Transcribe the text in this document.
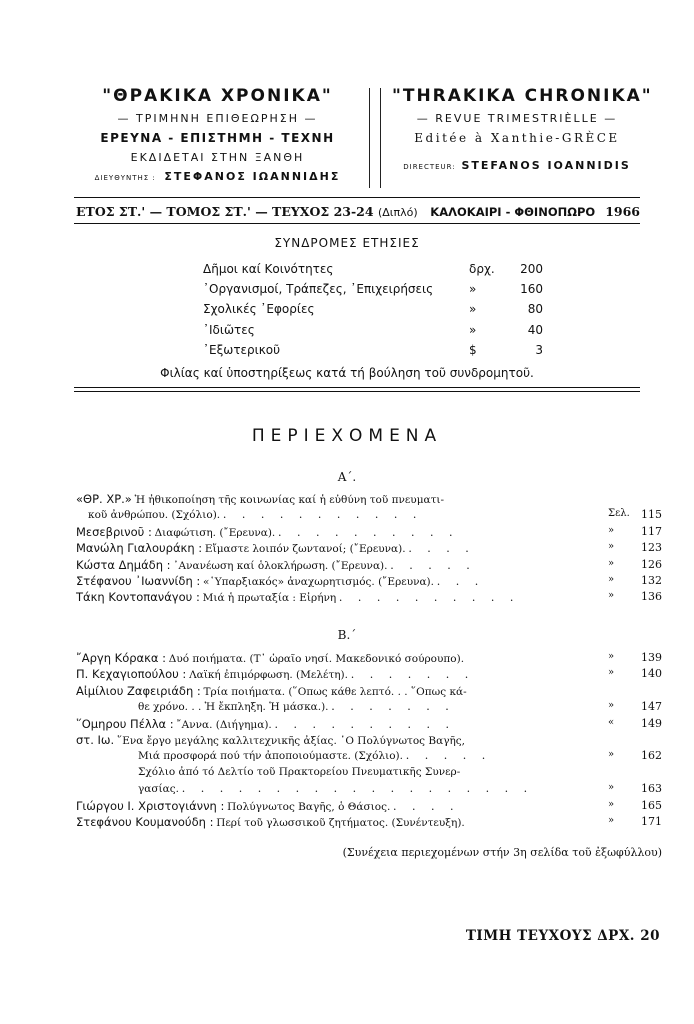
"ΘΡΑΚΙΚΑ ΧΡΟΝΙΚΑ"
— ΤΡΙΜΗΝΗ ΕΠΙΘΕΩΡΗΣΗ —
ΕΡΕΥΝΑ - ΕΠΙΣΤΗΜΗ - ΤΕΧΝΗ
ΕΚΔΙΔΕΤΑΙ ΣΤΗΝ ΞΑΝΘΗ
ΔΙΕΥΘΥΝΤΗΣ : ΣΤΕΦΑΝΟΣ ΙΩΑΝΝΙΔΗΣ
"THRAKIKA CHRONIKA"
— REVUE TRIMESTRIÈLLE —
Editée à Xanthie-GRÈCE
DIRECTEUR: STEFANOS IOANNIDIS
ΕΤΟΣ ΣΤ.' — ΤΟΜΟΣ ΣΤ.' — ΤΕΥΧΟΣ 23-24 (Διπλό) ΚΑΛΟΚΑΙΡΙ - ΦΘΙΝΟΠΩΡΟ 1966
ΣΥΝΔΡΟΜΕΣ ΕΤΗΣΙΕΣ
Δῆμοι καί Κοινότητες	δρχ. 200
᾿Οργανισμοί, Τράπεζες, ᾿Επιχειρήσεις	»	160
Σχολικές ᾿Εφορίες	»	80
᾿Ιδιῶτες	»	40
᾿Εξωτερικοῦ	$	3
Φιλίας καί ὑποστηρίξεως κατά τή βούληση τοῦ συνδρομητοῦ.
ΠΕΡΙΕΧΟΜΕΝΑ
Α΄.
«ΘΡ. ΧΡ.» Ἡ ἠθικοποίηση τῆς κοινωνίας καί ἡ εὐθύνη τοῦ πνευματι-
κοῦ ἀνθρώπου. (Σχόλιο). . . . . . . . . . . .	Σελ. 115
Μεσεβρινοῦ : Διαφώτιση. (῎Ερευνα). . . . . . . . . . .	» 117
Μανώλη Γιαλουράκη : Εἴμαστε λοιπόν ζωντανοί; (῎Ερευνα). . . . .	» 123
Κώστα Δημάδη : ᾿Ανανέωση καί ὁλοκλήρωση. (῎Ερευνα). . . . . .	» 126
Στέφανου ᾿Ιωαννίδη : «῾Υπαρξιακός» ἀναχωρητισμός. (῎Ερευνα). . . .	» 132
Τάκη Κοντοπανάγου : Μιά ἡ πρωταξία : Εἰρήνη . . . . . . . . . .	» 136
Β.΄
῎Αργη Κόρακα : Δυό ποιήματα. (Τ᾿ ὡραῖο νησί. Μακεδονικό σούρουπο).	» 139
Π. Κεχαγιοπούλου : Λαϊκή ἐπιμόρφωση. (Μελέτη). . . . . . . .	» 140
Αἰμίλιου Ζαφειριάδη : Τρία ποιήματα. (῞Οπως κάθε λεπτό. . . ῞Οπως κά-
θε χρόνο. . . Ἡ ἔκπληξη. Ἡ μάσκα.). . . . . . . .	» 147
῞Ομηρου Πέλλα : ῎Αννα. (Διήγημα). . . . . . . . . . .	« 149
στ. Ιω. ῞Ενα ἔργο μεγάλης καλλιτεχνικῆς ἀξίας. ῾Ο Πολύγνωτος Βαγῆς,
Μιά προσφορά πού τήν ἀποποιούμαστε. (Σχόλιο). . . . . .	» 162
Σχόλιο ἀπό τό Δελτίο τοῦ Πρακτορείου Πνευματικῆς Συνερ-
γασίας. . . . . . . . . . . . . . . . . . . .	» 163
Γιώργου Ι. Χριστογιάννη : Πολύγνωτος Βαγῆς, ὁ Θάσιος. . . . .	» 165
Στεφάνου Κουμανούδη : Περί τοῦ γλωσσικοῦ ζητήματος. (Συνέντευξη).	» 171
(Συνέχεια περιεχομένων στήν 3η σελίδα τοῦ ἐξωφύλλου)
ΤΙΜΗ ΤΕΥΧΟΥΣ ΔΡΧ. 20
